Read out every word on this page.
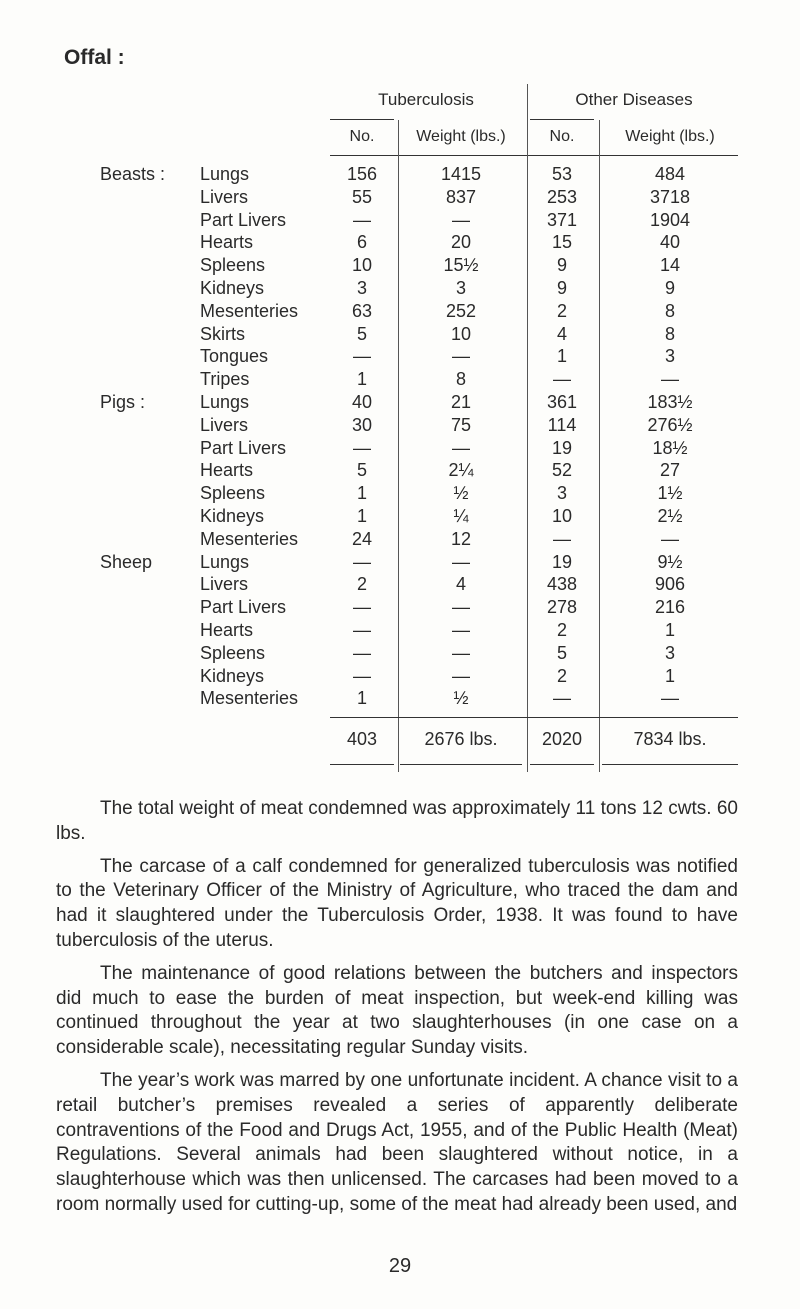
Offal :
Tuberculosis	Other Diseases
No.	Weight (lbs.)	No.	Weight (lbs.)
Beasts : Lungs	156	1415	53	484
Livers	55	837	253	3718
Part Livers	—	—	371	1904
Hearts	6	20	15	40
Spleens	10	15½	9	14
Kidneys	3	3	9	9
Mesenteries	63	252	2	8
Skirts	5	10	4	8
Tongues	—	—	1	3
Tripes	1	8	—	—
Pigs :	Lungs	40	21	361	183½
Livers	30	75	114	276½
Part Livers	—	—	19	18½
Hearts	5	2¼	52	27
Spleens	1	½	3	1½
Kidneys	1	¼	10	2½
Mesenteries	24	12	—	—
Sheep	Lungs	—	—	19	9½
Livers	2	4	438	906
Part Livers	—	—	278	216
Hearts	—	—	2	1
Spleens	—	—	5	3
Kidneys	—	—	2	1
Mesenteries	1	½	—	—
403	2676 lbs.	2020	7834 lbs.

The total weight of meat condemned was approximately 11 tons 12 cwts. 60 lbs.

The carcase of a calf condemned for generalized tuberculosis was notified to the Veterinary Officer of the Ministry of Agriculture, who traced the dam and had it slaughtered under the Tuberculosis Order, 1938. It was found to have tuberculosis of the uterus.

The maintenance of good relations between the butchers and inspectors did much to ease the burden of meat inspection, but week-end killing was continued throughout the year at two slaughterhouses (in one case on a considerable scale), necessitating regular Sunday visits.

The year’s work was marred by one unfortunate incident. A chance visit to a retail butcher’s premises revealed a series of apparently deliberate contraventions of the Food and Drugs Act, 1955, and of the Public Health (Meat) Regulations. Several animals had been slaughtered without notice, in a slaughterhouse which was then unlicensed. The carcases had been moved to a room normally used for cutting-up, some of the meat had already been used, and

29
